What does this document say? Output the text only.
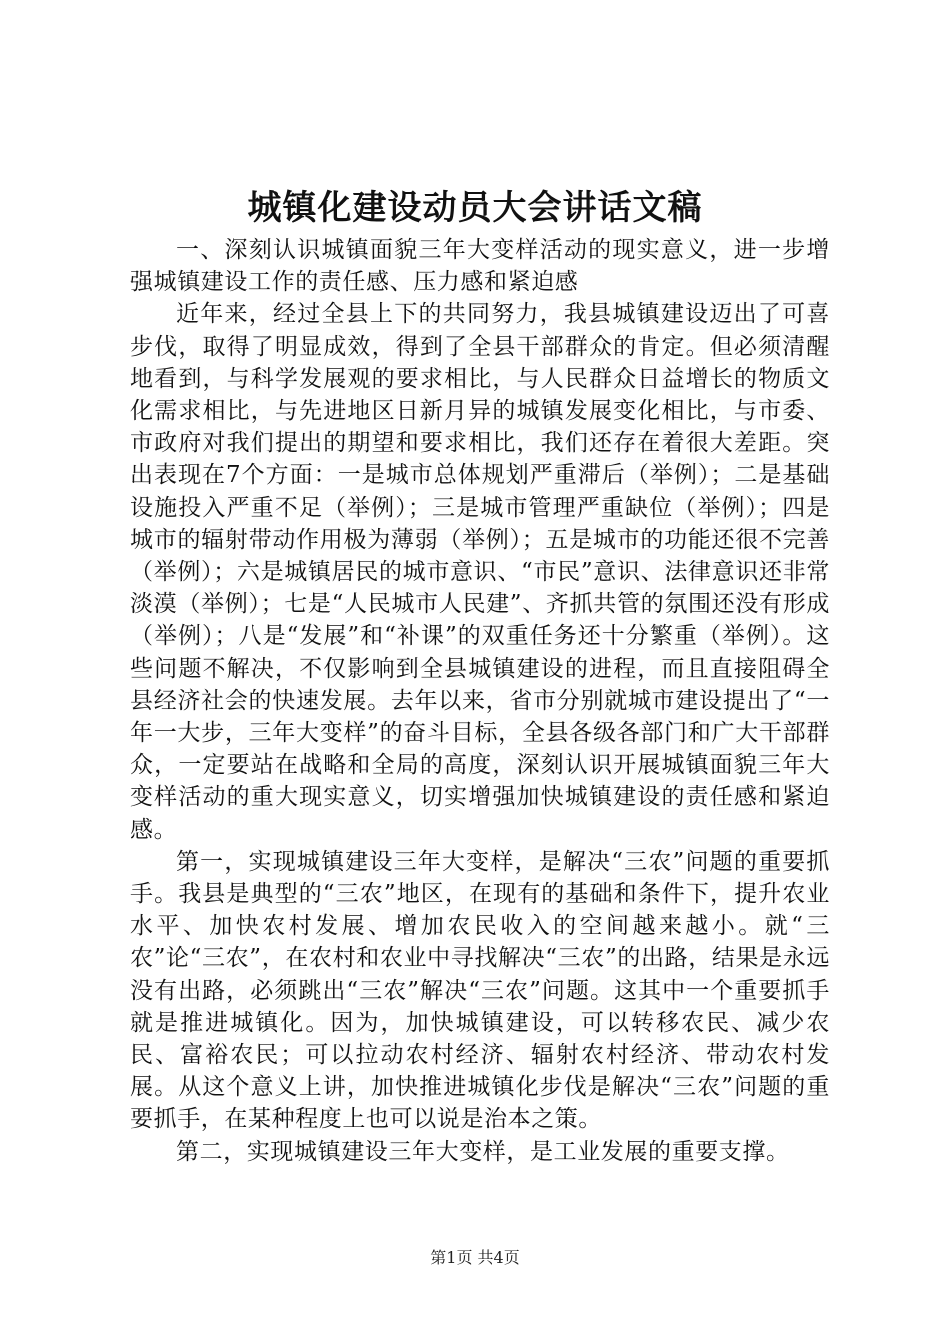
城镇化建设动员大会讲话文稿

一、深刻认识城镇面貌三年大变样活动的现实意义，进一步增强城镇建设工作的责任感、压力感和紧迫感

近年来，经过全县上下的共同努力，我县城镇建设迈出了可喜步伐，取得了明显成效，得到了全县干部群众的肯定。但必须清醒地看到，与科学发展观的要求相比，与人民群众日益增长的物质文化需求相比，与先进地区日新月异的城镇发展变化相比，与市委、市政府对我们提出的期望和要求相比，我们还存在着很大差距。突出表现在7个方面：一是城市总体规划严重滞后（举例）；二是基础设施投入严重不足（举例）；三是城市管理严重缺位（举例）；四是城市的辐射带动作用极为薄弱（举例）；五是城市的功能还很不完善（举例）；六是城镇居民的城市意识、“市民”意识、法律意识还非常淡漠（举例）；七是“人民城市人民建”、齐抓共管的氛围还没有形成（举例）；八是“发展”和“补课”的双重任务还十分繁重（举例）。这些问题不解决，不仅影响到全县城镇建设的进程，而且直接阻碍全县经济社会的快速发展。去年以来，省市分别就城市建设提出了“一年一大步，三年大变样”的奋斗目标，全县各级各部门和广大干部群众，一定要站在战略和全局的高度，深刻认识开展城镇面貌三年大变样活动的重大现实意义，切实增强加快城镇建设的责任感和紧迫感。

第一，实现城镇建设三年大变样，是解决“三农”问题的重要抓手。我县是典型的“三农”地区，在现有的基础和条件下，提升农业水平、加快农村发展、增加农民收入的空间越来越小。就“三农”论“三农”，在农村和农业中寻找解决“三农”的出路，结果是永远没有出路，必须跳出“三农”解决“三农”问题。这其中一个重要抓手就是推进城镇化。因为，加快城镇建设，可以转移农民、减少农民、富裕农民；可以拉动农村经济、辐射农村经济、带动农村发展。从这个意义上讲，加快推进城镇化步伐是解决“三农”问题的重要抓手，在某种程度上也可以说是治本之策。

第二，实现城镇建设三年大变样，是工业发展的重要支撑。

第1页 共4页
